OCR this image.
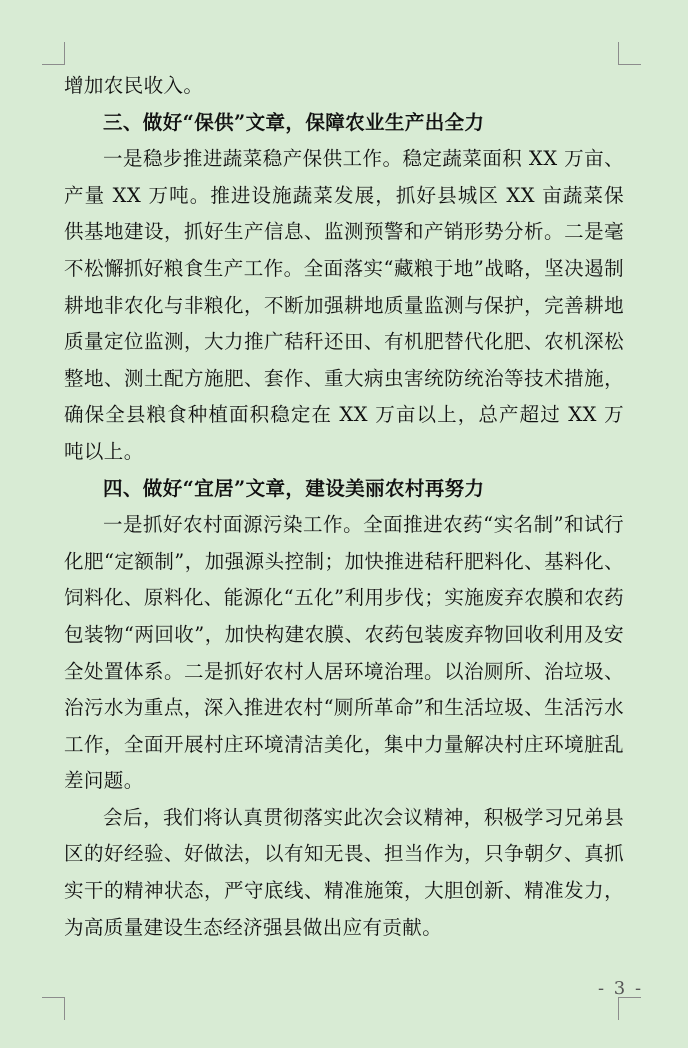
增加农民收入。

三、做好“保供”文章，保障农业生产出全力

一是稳步推进蔬菜稳产保供工作。稳定蔬菜面积 XX 万亩、产量 XX 万吨。推进设施蔬菜发展，抓好县城区 XX 亩蔬菜保供基地建设，抓好生产信息、监测预警和产销形势分析。二是毫不松懈抓好粮食生产工作。全面落实“藏粮于地”战略，坚决遏制耕地非农化与非粮化，不断加强耕地质量监测与保护，完善耕地质量定位监测，大力推广秸秆还田、有机肥替代化肥、农机深松整地、测土配方施肥、套作、重大病虫害统防统治等技术措施，确保全县粮食种植面积稳定在 XX 万亩以上，总产超过 XX 万吨以上。

四、做好“宜居”文章，建设美丽农村再努力

一是抓好农村面源污染工作。全面推进农药“实名制”和试行化肥“定额制”，加强源头控制；加快推进秸秆肥料化、基料化、饲料化、原料化、能源化“五化”利用步伐；实施废弃农膜和农药包装物“两回收”，加快构建农膜、农药包装废弃物回收利用及安全处置体系。二是抓好农村人居环境治理。以治厕所、治垃圾、治污水为重点，深入推进农村“厕所革命”和生活垃圾、生活污水工作，全面开展村庄环境清洁美化，集中力量解决村庄环境脏乱差问题。

会后，我们将认真贯彻落实此次会议精神，积极学习兄弟县区的好经验、好做法，以有知无畏、担当作为，只争朝夕、真抓实干的精神状态，严守底线、精准施策，大胆创新、精准发力，为高质量建设生态经济强县做出应有贡献。

- 3 -
